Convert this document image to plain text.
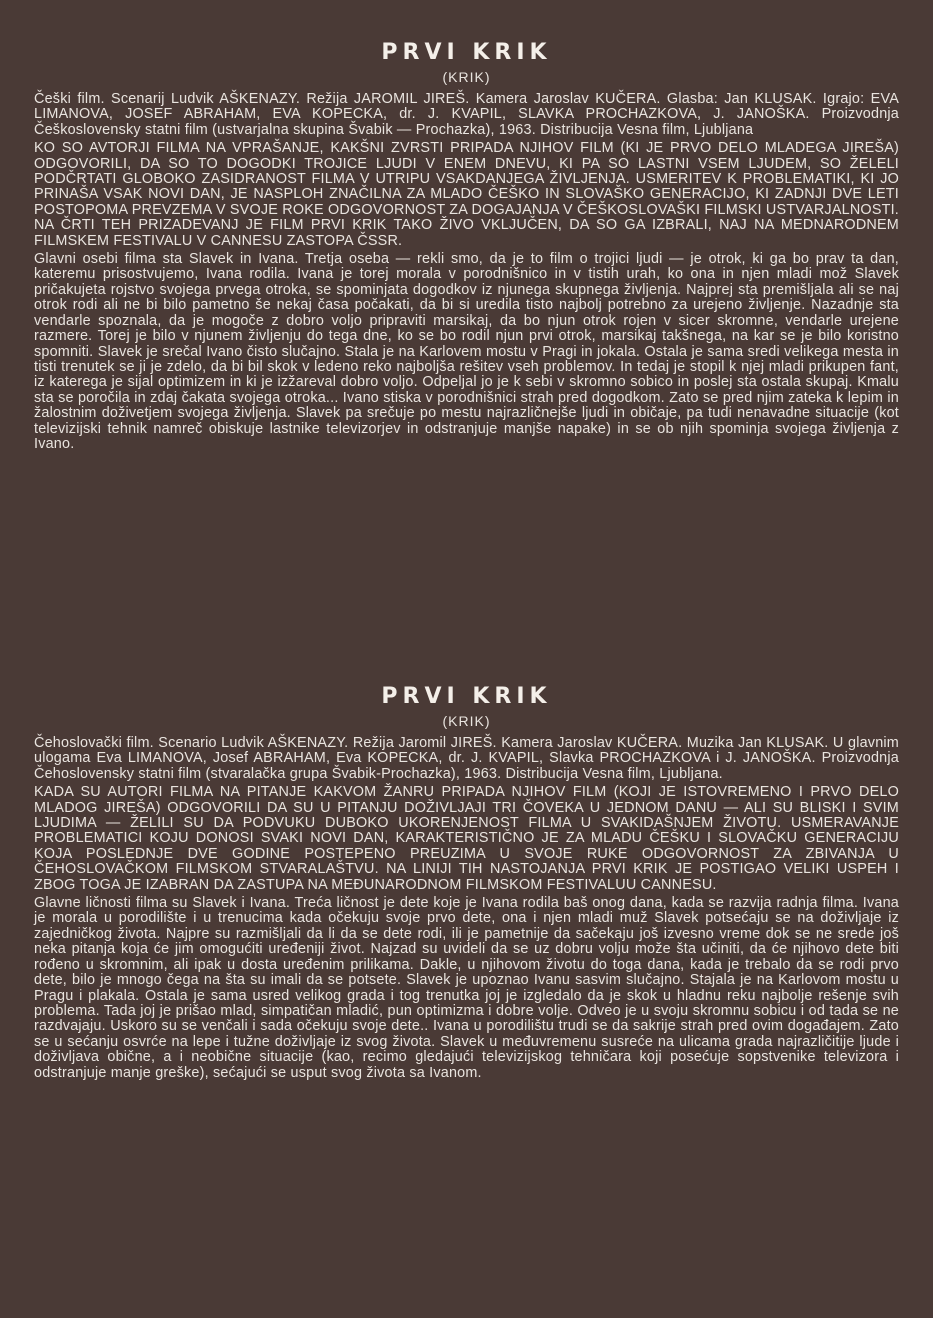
PRVI KRIK
(KRIK)

Češki film. Scenarij Ludvik AŠKENAZY. Režija JAROMIL JIREŠ. Kamera Jaroslav KUČERA. Glasba: Jan KLUSAK. Igrajo: EVA LIMANOVA, JOSEF ABRAHAM, EVA KOPECKA, dr. J. KVAPIL, SLAVKA PROCHAZKOVA, J. JANOŠKA. Proizvodnja Češkoslovensky statni film (ustvarjalna skupina Švabik — Prochazka), 1963. Distribucija Vesna film, Ljubljana

KO SO AVTORJI FILMA NA VPRAŠANJE, KAKŠNI ZVRSTI PRIPADA NJIHOV FILM (KI JE PRVO DELO MLADEGA JIREŠA) ODGOVORILI, DA SO TO DOGODKI TROJICE LJUDI V ENEM DNEVU, KI PA SO LASTNI VSEM LJUDEM, SO ŽELELI PODČRTATI GLOBOKO ZASIDRANOST FILMA V UTRIPU VSAKDANJEGA ŽIVLJENJA. USMERITEV K PROBLEMATIKI, KI JO PRINAŠA VSAK NOVI DAN, JE NASPLOH ZNAČILNA ZA MLADO ČEŠKO IN SLOVAŠKO GENERACIJO, KI ZADNJI DVE LETI POSTOPOMA PREVZEMA V SVOJE ROKE ODGOVORNOST ZA DOGAJANJA V ČEŠKOSLOVAŠKI FILMSKI USTVARJALNOSTI. NA ČRTI TEH PRIZADEVANJ JE FILM PRVI KRIK TAKO ŽIVO VKLJUČEN, DA SO GA IZBRALI, NAJ NA MEDNARODNEM FILMSKEM FESTIVALU V CANNESU ZASTOPA ČSSR.

Glavni osebi filma sta Slavek in Ivana. Tretja oseba — rekli smo, da je to film o trojici ljudi — je otrok, ki ga bo prav ta dan, kateremu prisostvujemo, Ivana rodila. Ivana je torej morala v porodnišnico in v tistih urah, ko ona in njen mladi mož Slavek pričakujeta rojstvo svojega prvega otroka, se spominjata dogodkov iz njunega skupnega življenja. Najprej sta premišljala ali se naj otrok rodi ali ne bi bilo pametno še nekaj časa počakati, da bi si uredila tisto najbolj potrebno za urejeno življenje. Nazadnje sta vendarle spoznala, da je mogoče z dobro voljo pripraviti marsikaj, da bo njun otrok rojen v sicer skromne, vendarle urejene razmere. Torej je bilo v njunem življenju do tega dne, ko se bo rodil njun prvi otrok, marsikaj takšnega, na kar se je bilo koristno spomniti. Slavek je srečal Ivano čisto slučajno. Stala je na Karlovem mostu v Pragi in jokala. Ostala je sama sredi velikega mesta in tisti trenutek se ji je zdelo, da bi bil skok v ledeno reko najboljša rešitev vseh problemov. In tedaj je stopil k njej mladi prikupen fant, iz katerega je sijal optimizem in ki je izžareval dobro voljo. Odpeljal jo je k sebi v skromno sobico in poslej sta ostala skupaj. Kmalu sta se poročila in zdaj čakata svojega otroka... Ivano stiska v porodnišnici strah pred dogodkom. Zato se pred njim zateka k lepim in žalostnim doživetjem svojega življenja. Slavek pa srečuje po mestu najrazličnejše ljudi in običaje, pa tudi nenavadne situacije (kot televizijski tehnik namreč obiskuje lastnike televizorjev in odstranjuje manjše napake) in se ob njih spominja svojega življenja z Ivano.

PRVI KRIK
(KRIK)

Čehoslovački film. Scenario Ludvik AŠKENAZY. Režija Jaromil JIREŠ. Kamera Jaroslav KUČERA. Muzika Jan KLUSAK. U glavnim ulogama Eva LIMANOVA, Josef ABRAHAM, Eva KOPECKA, dr. J. KVAPIL, Slavka PROCHAZKOVA i J. JANOŠKA. Proizvodnja Čehoslovensky statni film (stvaralačka grupa Švabik-Prochazka), 1963. Distribucija Vesna film, Ljubljana.

KADA SU AUTORI FILMA NA PITANJE KAKVOM ŽANRU PRIPADA NJIHOV FILM (KOJI JE ISTOVREMENO I PRVO DELO MLADOG JIREŠA) ODGOVORILI DA SU U PITANJU DOŽIVLJAJI TRI ČOVEKA U JEDNOM DANU — ALI SU BLISKI I SVIM LJUDIMA — ŽELILI SU DA PODVUKU DUBOKO UKORENJENOST FILMA U SVAKIDAŠNJEM ŽIVOTU. USMERAVANJE PROBLEMATICI KOJU DONOSI SVAKI NOVI DAN, KARAKTERISTIČNO JE ZA MLADU ČEŠKU I SLOVAČKU GENERACIJU KOJA POSLEDNJE DVE GODINE POSTEPENO PREUZIMA U SVOJE RUKE ODGOVORNOST ZA ZBIVANJA U ČEHOSLOVAČKOM FILMSKOM STVARALAŠTVU. NA LINIJI TIH NASTOJANJA PRVI KRIK JE POSTIGAO VELIKI USPEH I ZBOG TOGA JE IZABRAN DA ZASTUPA NA MEĐUNARODNOM FILMSKOM FESTIVALUU CANNESU.

Glavne ličnosti filma su Slavek i Ivana. Treća ličnost je dete koje je Ivana rodila baš onog dana, kada se razvija radnja filma. Ivana je morala u porodilište i u trenucima kada očekuju svoje prvo dete, ona i njen mladi muž Slavek potsećaju se na doživljaje iz zajedničkog života. Najpre su razmišljali da li da se dete rodi, ili je pametnije da sačekaju još izvesno vreme dok se ne srede još neka pitanja koja će jim omogućiti uređeniji život. Najzad su uvideli da se uz dobru volju može šta učiniti, da će njihovo dete biti rođeno u skromnim, ali ipak u dosta uređenim prilikama. Dakle, u njihovom životu do toga dana, kada je trebalo da se rodi prvo dete, bilo je mnogo čega na šta su imali da se potsete. Slavek je upoznao Ivanu sasvim slučajno. Stajala je na Karlovom mostu u Pragu i plakala. Ostala je sama usred velikog grada i tog trenutka joj je izgledalo da je skok u hladnu reku najbolje rešenje svih problema. Tada joj je prišao mlad, simpatičan mladić, pun optimizma i dobre volje. Odveo je u svoju skromnu sobicu i od tada se ne razdvajaju. Uskoro su se venčali i sada očekuju svoje dete.. Ivana u porodilištu trudi se da sakrije strah pred ovim događajem. Zato se u sećanju osvrće na lepe i tužne doživljaje iz svog života. Slavek u međuvremenu susreće na ulicama grada najrazličitije ljude i doživljava obične, a i neobične situacije (kao, recimo gledajući televizijskog tehničara koji posećuje sopstvenike televizora i odstranjuje manje greške), sećajući se usput svog života sa Ivanom.
